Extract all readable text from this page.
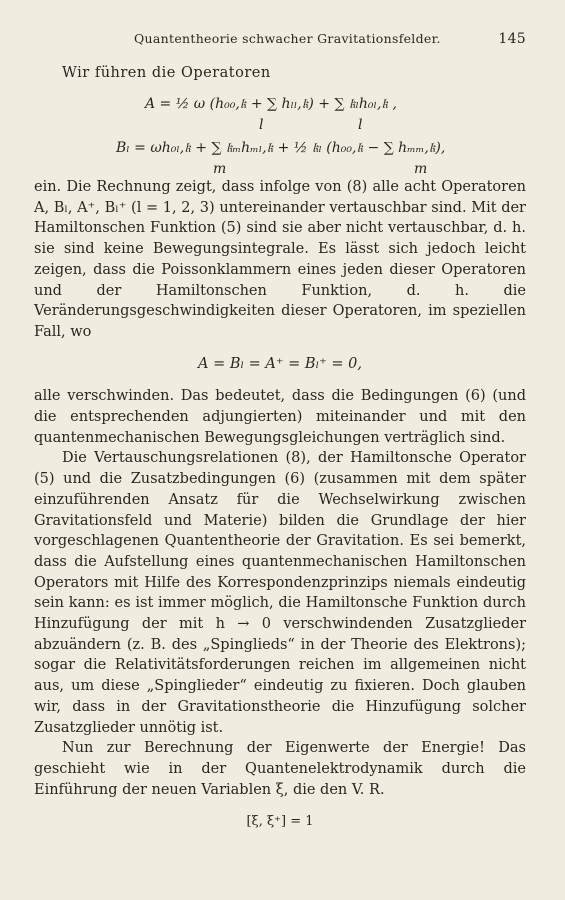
Quantentheorie schwacher Gravitationsfelder.	145
Wir führen die Operatoren
A = ½ ω (h₀₀,𝔨 + ∑ hₗₗ,𝔨) + ∑ 𝔨ₗh₀ₗ,𝔨 ,
l	l
Bₗ = ωh₀ₗ,𝔨 + ∑ 𝔨ₘhₘₗ,𝔨 + ½ 𝔨ₗ (h₀₀,𝔨 − ∑ hₘₘ,𝔨),
m	m

ein. Die Rechnung zeigt, dass infolge von (8) alle acht Operatoren A, Bₗ, A⁺, Bₗ⁺ (l = 1, 2, 3) untereinander vertauschbar sind. Mit der Hamiltonschen Funktion (5) sind sie aber nicht vertauschbar, d. h. sie sind keine Bewegungsintegrale. Es lässt sich jedoch leicht zeigen, dass die Poissonklammern eines jeden dieser Operatoren und der Hamiltonschen Funktion, d. h. die Veränderungsgeschwindigkeiten dieser Operatoren, im speziellen Fall, wo

A = Bₗ = A⁺ = Bₗ⁺ = 0,

alle verschwinden. Das bedeutet, dass die Bedingungen (6) (und die entsprechenden adjungierten) miteinander und mit den quantenmechanischen Bewegungsgleichungen verträglich sind.

Die Vertauschungsrelationen (8), der Hamiltonsche Operator (5) und die Zusatzbedingungen (6) (zusammen mit dem später einzuführenden Ansatz für die Wechselwirkung zwischen Gravitationsfeld und Materie) bilden die Grundlage der hier vorgeschlagenen Quantentheorie der Gravitation. Es sei bemerkt, dass die Aufstellung eines quantenmechanischen Hamiltonschen Operators mit Hilfe des Korrespondenzprinzips niemals eindeutig sein kann: es ist immer möglich, die Hamiltonsche Funktion durch Hinzufügung der mit h → 0 verschwindenden Zusatzglieder abzuändern (z. B. des „Spinglieds“ in der Theorie des Elektrons); sogar die Relativitätsforderungen reichen im allgemeinen nicht aus, um diese „Spinglieder“ eindeutig zu fixieren. Doch glauben wir, dass in der Gravitationstheorie die Hinzufügung solcher Zusatzglieder unnötig ist.

Nun zur Berechnung der Eigenwerte der Energie! Das geschieht wie in der Quantenelektrodynamik durch die Einführung der neuen Variablen ξ, die den V. R.

[ξ, ξ⁺] = 1
